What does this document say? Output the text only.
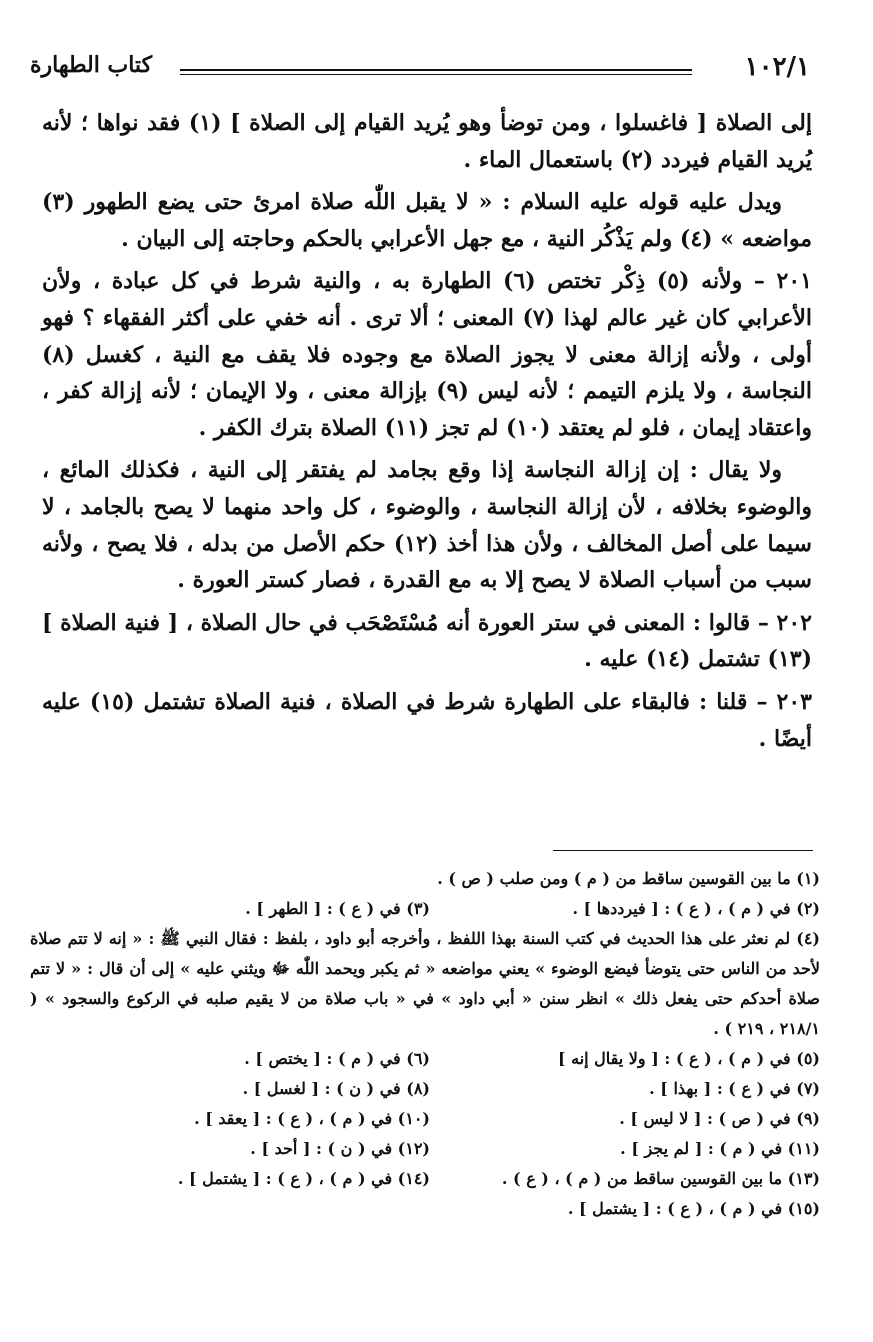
١٠٢/١
كتاب الطهارة

إلى الصلاة [ فاغسلوا ، ومن توضأ وهو يُريد القيام إلى الصلاة ] (١) فقد نواها ؛ لأنه يُريد القيام فيردد (٢) باستعمال الماء .

ويدل عليه قوله عليه السلام : « لا يقبل اللّٰه صلاة امرئ حتى يضع الطهور (٣) مواضعه » (٤) ولم يَذْكُر النية ، مع جهل الأعرابي بالحكم وحاجته إلى البيان .

٢٠١ – ولأنه (٥) ذِكْر تختص (٦) الطهارة به ، والنية شرط في كل عبادة ، ولأن الأعرابي كان غير عالم لهذا (٧) المعنى ؛ ألا ترى . أنه خفي على أكثر الفقهاء ؟ فهو أولى ، ولأنه إزالة معنى لا يجوز الصلاة مع وجوده فلا يقف مع النية ، كغسل (٨) النجاسة ، ولا يلزم التيمم ؛ لأنه ليس (٩) بإزالة معنى ، ولا الإيمان ؛ لأنه إزالة كفر ، واعتقاد إيمان ، فلو لم يعتقد (١٠) لم تجز (١١) الصلاة بترك الكفر .

ولا يقال : إن إزالة النجاسة إذا وقع بجامد لم يفتقر إلى النية ، فكذلك المائع ، والوضوء بخلافه ، لأن إزالة النجاسة ، والوضوء ، كل واحد منهما لا يصح بالجامد ، لا سيما على أصل المخالف ، ولأن هذا أخذ (١٢) حكم الأصل من بدله ، فلا يصح ، ولأنه سبب من أسباب الصلاة لا يصح إلا به مع القدرة ، فصار كستر العورة .

٢٠٢ – قالوا : المعنى في ستر العورة أنه مُسْتَصْحَب في حال الصلاة ، [ فنية الصلاة ] (١٣) تشتمل (١٤) عليه .

٢٠٣ – قلنا : فالبقاء على الطهارة شرط في الصلاة ، فنية الصلاة تشتمل (١٥) عليه أيضًا .

(١) ما بين القوسين ساقط من ( م ) ومن صلب ( ص ) .
(٢) في ( م ) ، ( ع ) : [ فيرددها ] .
(٣) في ( ع ) : [ الطهر ] .
(٤) لم نعثر على هذا الحديث في كتب السنة بهذا اللفظ ، وأخرجه أبو داود ، بلفظ : فقال النبي ﷺ : « إنه لا تتم صلاة لأحد من الناس حتى يتوضأ فيضع الوضوء » يعني مواضعه « ثم يكبر ويحمد اللّٰه ﷻ ويثني عليه » إلى أن قال : « لا تتم صلاة أحدكم حتى يفعل ذلك » انظر سنن « أبي داود » في « باب صلاة من لا يقيم صلبه في الركوع والسجود » ( ٢١٨/١ ، ٢١٩ ) .
(٥) في ( م ) ، ( ع ) : [ ولا يقال إنه ]
(٦) في ( م ) : [ يختص ] .
(٧) في ( ع ) : [ بهذا ] .
(٨) في ( ن ) : [ لغسل ] .
(٩) في ( ص ) : [ لا ليس ] .
(١٠) في ( م ) ، ( ع ) : [ يعقد ] .
(١١) في ( م ) : [ لم يجز ] .
(١٢) في ( ن ) : [ أحد ] .
(١٣) ما بين القوسين ساقط من ( م ) ، ( ع ) .
(١٤) في ( م ) ، ( ع ) : [ يشتمل ] .
(١٥) في ( م ) ، ( ع ) : [ يشتمل ] .
